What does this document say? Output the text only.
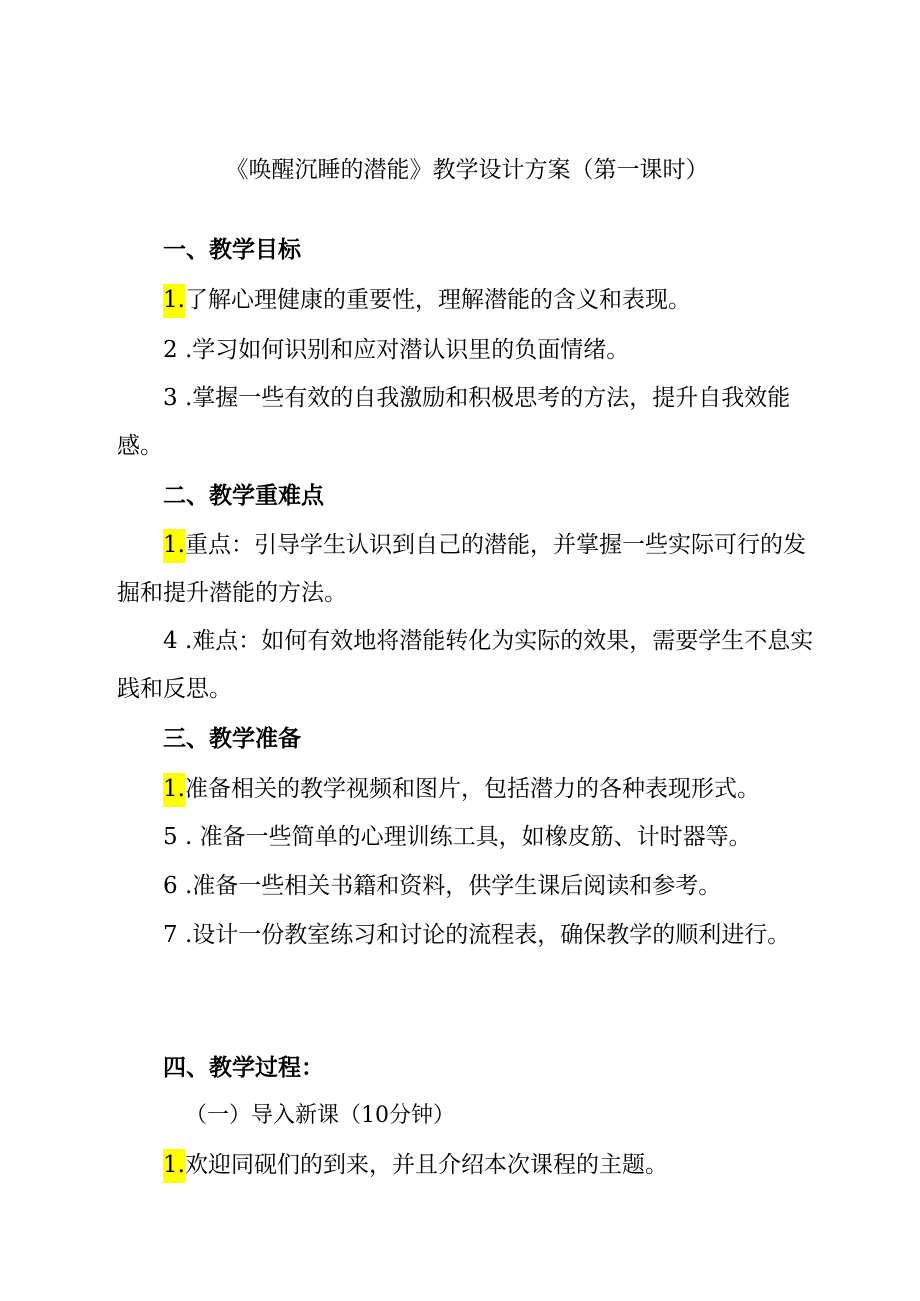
《唤醒沉睡的潜能》教学设计方案（第一课时）
一、教学目标
1.了解心理健康的重要性，理解潜能的含义和表现。
2 .学习如何识别和应对潜认识里的负面情绪。
3 .掌握一些有效的自我激励和积极思考的方法，提升自我效能感。
二、教学重难点
1.重点：引导学生认识到自己的潜能，并掌握一些实际可行的发掘和提升潜能的方法。
4 .难点：如何有效地将潜能转化为实际的效果，需要学生不息实践和反思。
三、教学准备
1.准备相关的教学视频和图片，包括潜力的各种表现形式。
5 . 准备一些简单的心理训练工具，如橡皮筋、计时器等。
6 .准备一些相关书籍和资料，供学生课后阅读和参考。
7 .设计一份教室练习和讨论的流程表，确保教学的顺利进行。
四、教学过程：
（一）导入新课（10分钟）
1.欢迎同砚们的到来，并且介绍本次课程的主题。
